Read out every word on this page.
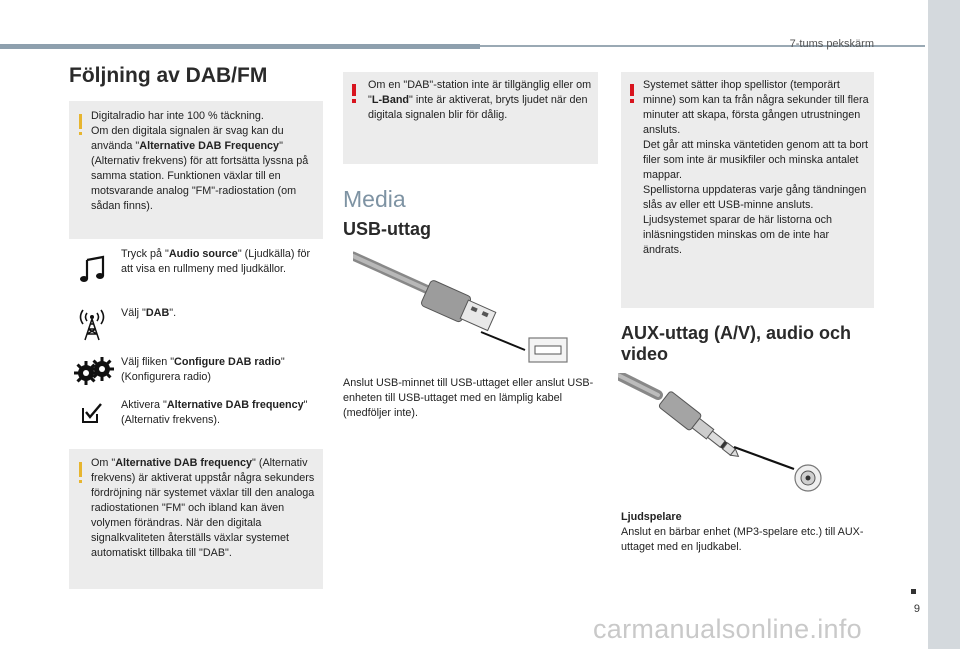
7-tums pekskärm
9
carmanualsonline.info
Följning av DAB/FM

Digitalradio har inte 100 % täckning.

Om den digitala signalen är svag kan du använda "Alternative DAB Frequency" (Alternativ frekvens) för att fortsätta lyssna på samma station. Funktionen växlar till en motsvarande analog "FM"-radiostation (om sådan finns).

Tryck på "Audio source" (Ljudkälla) för att visa en rullmeny med ljudkällor.

Välj "DAB".

Välj fliken "Configure DAB radio" (Konfigurera radio)

Aktivera "Alternative DAB frequency" (Alternativ frekvens).

Om "Alternative DAB frequency" (Alternativ frekvens) är aktiverat uppstår några sekunders fördröjning när systemet växlar till den analoga radiostationen "FM" och ibland kan även volymen förändras. När den digitala signalkvaliteten återställs växlar systemet automatiskt tillbaka till "DAB".

Om en "DAB"-station inte är tillgänglig eller om "L-Band" inte är aktiverat, bryts ljudet när den digitala signalen blir för dålig.

Media
USB-uttag

Anslut USB-minnet till USB-uttaget eller anslut USB-enheten till USB-uttaget med en lämplig kabel (medföljer inte).

Systemet sätter ihop spellistor (temporärt minne) som kan ta från några sekunder till flera minuter att skapa, första gången utrustningen ansluts.

Det går att minska väntetiden genom att ta bort filer som inte är musikfiler och minska antalet mappar.

Spellistorna uppdateras varje gång tändningen slås av eller ett USB-minne ansluts. Ljudsystemet sparar de här listorna och inläsningstiden minskas om de inte har ändrats.

AUX-uttag (A/V), audio och video

Ljudspelare

Anslut en bärbar enhet (MP3-spelare etc.) till AUX-uttaget med en ljudkabel.
